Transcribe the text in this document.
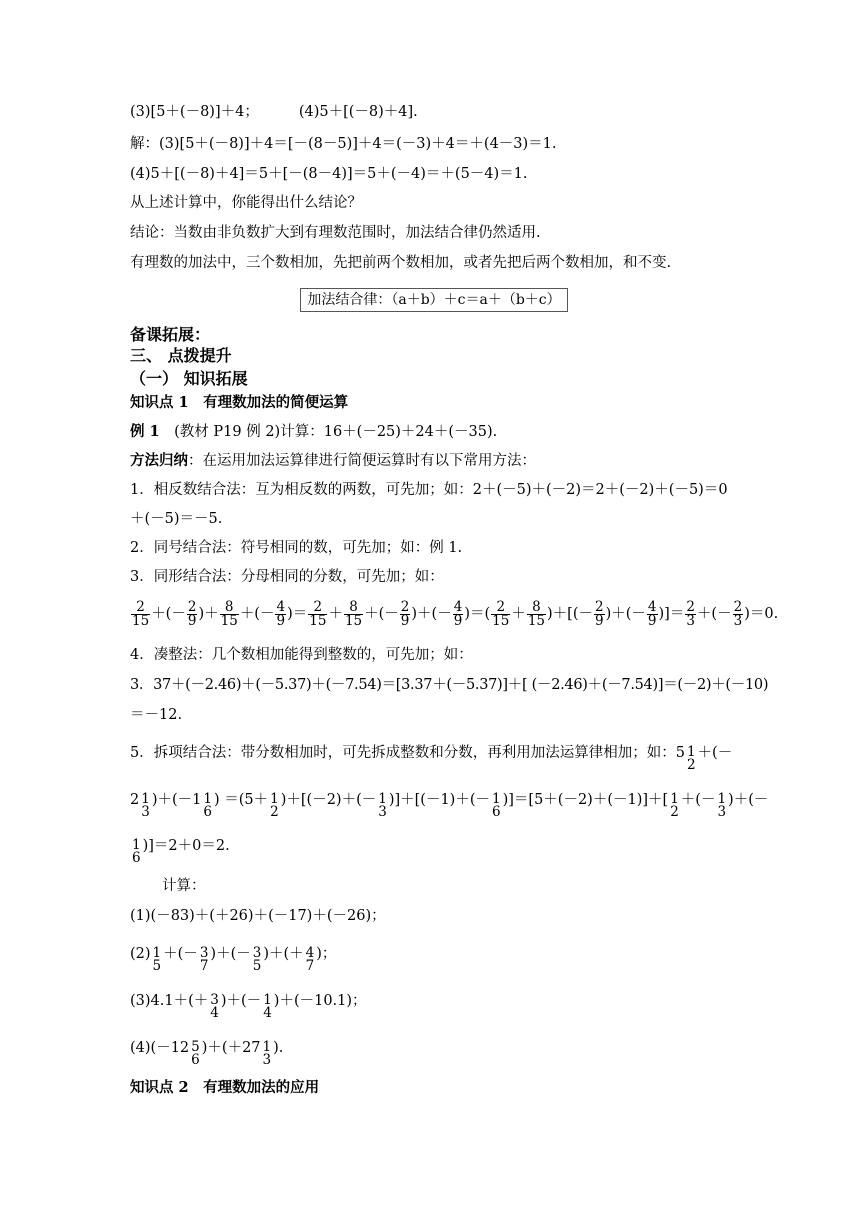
(3)[5＋(－8)]＋4；	(4)5＋[(－8)＋4].
解：(3)[5＋(－8)]＋4＝[－(8－5)]＋4＝(－3)＋4＝＋(4－3)＝1.
(4)5＋[(－8)＋4]＝5＋[－(8－4)]＝5＋(－4)＝＋(5－4)＝1.
从上述计算中，你能得出什么结论？
结论：当数由非负数扩大到有理数范围时，加法结合律仍然适用.
有理数的加法中，三个数相加，先把前两个数相加，或者先把后两个数相加，和不变.
加法结合律：（a＋b）＋c＝a＋（b＋c）
备课拓展：
三、 点拨提升
（一） 知识拓展
知识点 1　有理数加法的简便运算
例 1　 (教材 P19 例 2)计算：16＋(－25)＋24＋(－35).
方法归纳：在运用加法运算律进行简便运算时有以下常用方法：
1．相反数结合法：互为相反数的两数，可先加；如：2＋(－5)＋(－2)＝2＋(－2)＋(－5)＝0
＋(－5)＝－5.
2．同号结合法：符号相同的数，可先加；如：例 1.
3．同形结合法：分母相同的分数，可先加；如：
$\frac{2}{15}$ ＋(－ $\frac{2}{9}$ )＋ $\frac{8}{15}$ ＋(－ $\frac{4}{9}$ )＝ $\frac{2}{15} + \frac{8}{15}$ ＋(－ $\frac{2}{9}$ )＋(－ $\frac{4}{9}$ )＝( $\frac{2}{15} + \frac{8}{15}$ )＋[(－ $\frac{2}{9}$ )＋(－ $\frac{4}{9}$ )]＝ $\frac{2}{3}$ ＋(－ $\frac{2}{3} )=0$.
4．凑整法：几个数相加能得到整数的，可先加；如：
3．37＋(－2.46)＋(－5.37)＋(－7.54)＝[3.37＋(－5.37)]＋[ (－2.46)＋(－7.54)]＝(－2)＋(－10)
＝－12.
5．拆项结合法：带分数相加时，可先拆成整数和分数，再利用加法运算律相加；如：5 1
2
＋(－
2 1
3
)＋(－1 1
6
) ＝(5＋ 1
2
)＋[(－2)＋(－ 1
3
)]＋[(－1)＋(－ 1
6
)]＝[5＋(－2)＋(－1)]＋[ 1
2
＋(－ 1
3
)＋(－
1
6
)]＝2＋0＝2.
计算：
(1)(－83)＋(＋26)＋(－17)＋(－26)；
(2) 1
5
＋(－ 3
7
)＋(－ 3
5
)＋(＋ 4
7
)；
(3)4.1＋(＋ 3
4
)＋(－ 1
4
)＋(－10.1)；
(4)(－12 5
6
)＋(＋27 1
3
).
知识点 2　有理数加法的应用
